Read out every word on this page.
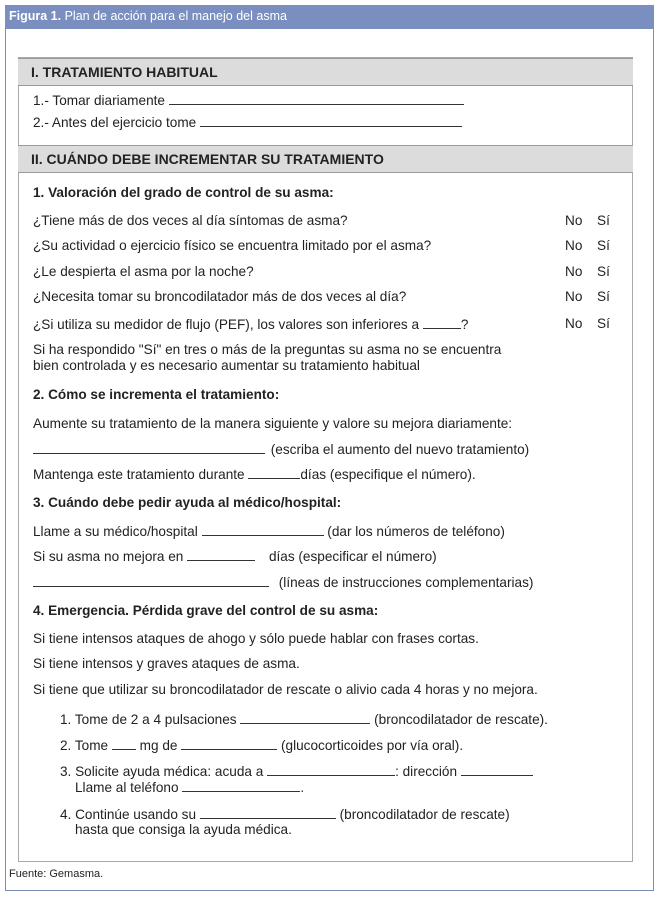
Figura 1. Plan de acción para el manejo del asma
I. TRATAMIENTO HABITUAL
1.- Tomar diariamente
2.- Antes del ejercicio tome
II. CUÁNDO DEBE INCREMENTAR SU TRATAMIENTO
1. Valoración del grado de control de su asma:
¿Tiene más de dos veces al día síntomas de asma?	No Sí
¿Su actividad o ejercicio físico se encuentra limitado por el asma?	No Sí
¿Le despierta el asma por la noche?	No Sí
¿Necesita tomar su broncodilatador más de dos veces al día?	No Sí
¿Si utiliza su medidor de flujo (PEF), los valores son inferiores a	?	No Sí
Si ha respondido "Sí" en tres o más de la preguntas su asma no se encuentra
bien controlada y es necesario aumentar su tratamiento habitual
2. Cómo se incrementa el tratamiento:
Aumente su tratamiento de la manera siguiente y valore su mejora diariamente:
(escriba el aumento del nuevo tratamiento)
Mantenga este tratamiento durante	días (especifique el número).
3. Cuándo debe pedir ayuda al médico/hospital:
Llame a su médico/hospital	(dar los números de teléfono)
Si su asma no mejora en	días (especificar el número)
(líneas de instrucciones complementarias)
4. Emergencia. Pérdida grave del control de su asma:
Si tiene intensos ataques de ahogo y sólo puede hablar con frases cortas.
Si tiene intensos y graves ataques de asma.
Si tiene que utilizar su broncodilatador de rescate o alivio cada 4 horas y no mejora.
1. Tome de 2 a 4 pulsaciones	(broncodilatador de rescate).
2. Tome mg de	(glucocorticoides por vía oral).
3. Solicite ayuda médica: acuda a	: dirección
Llame al teléfono	.
4. Continúe usando su	(broncodilatador de rescate)
hasta que consiga la ayuda médica.
Fuente: Gemasma.
